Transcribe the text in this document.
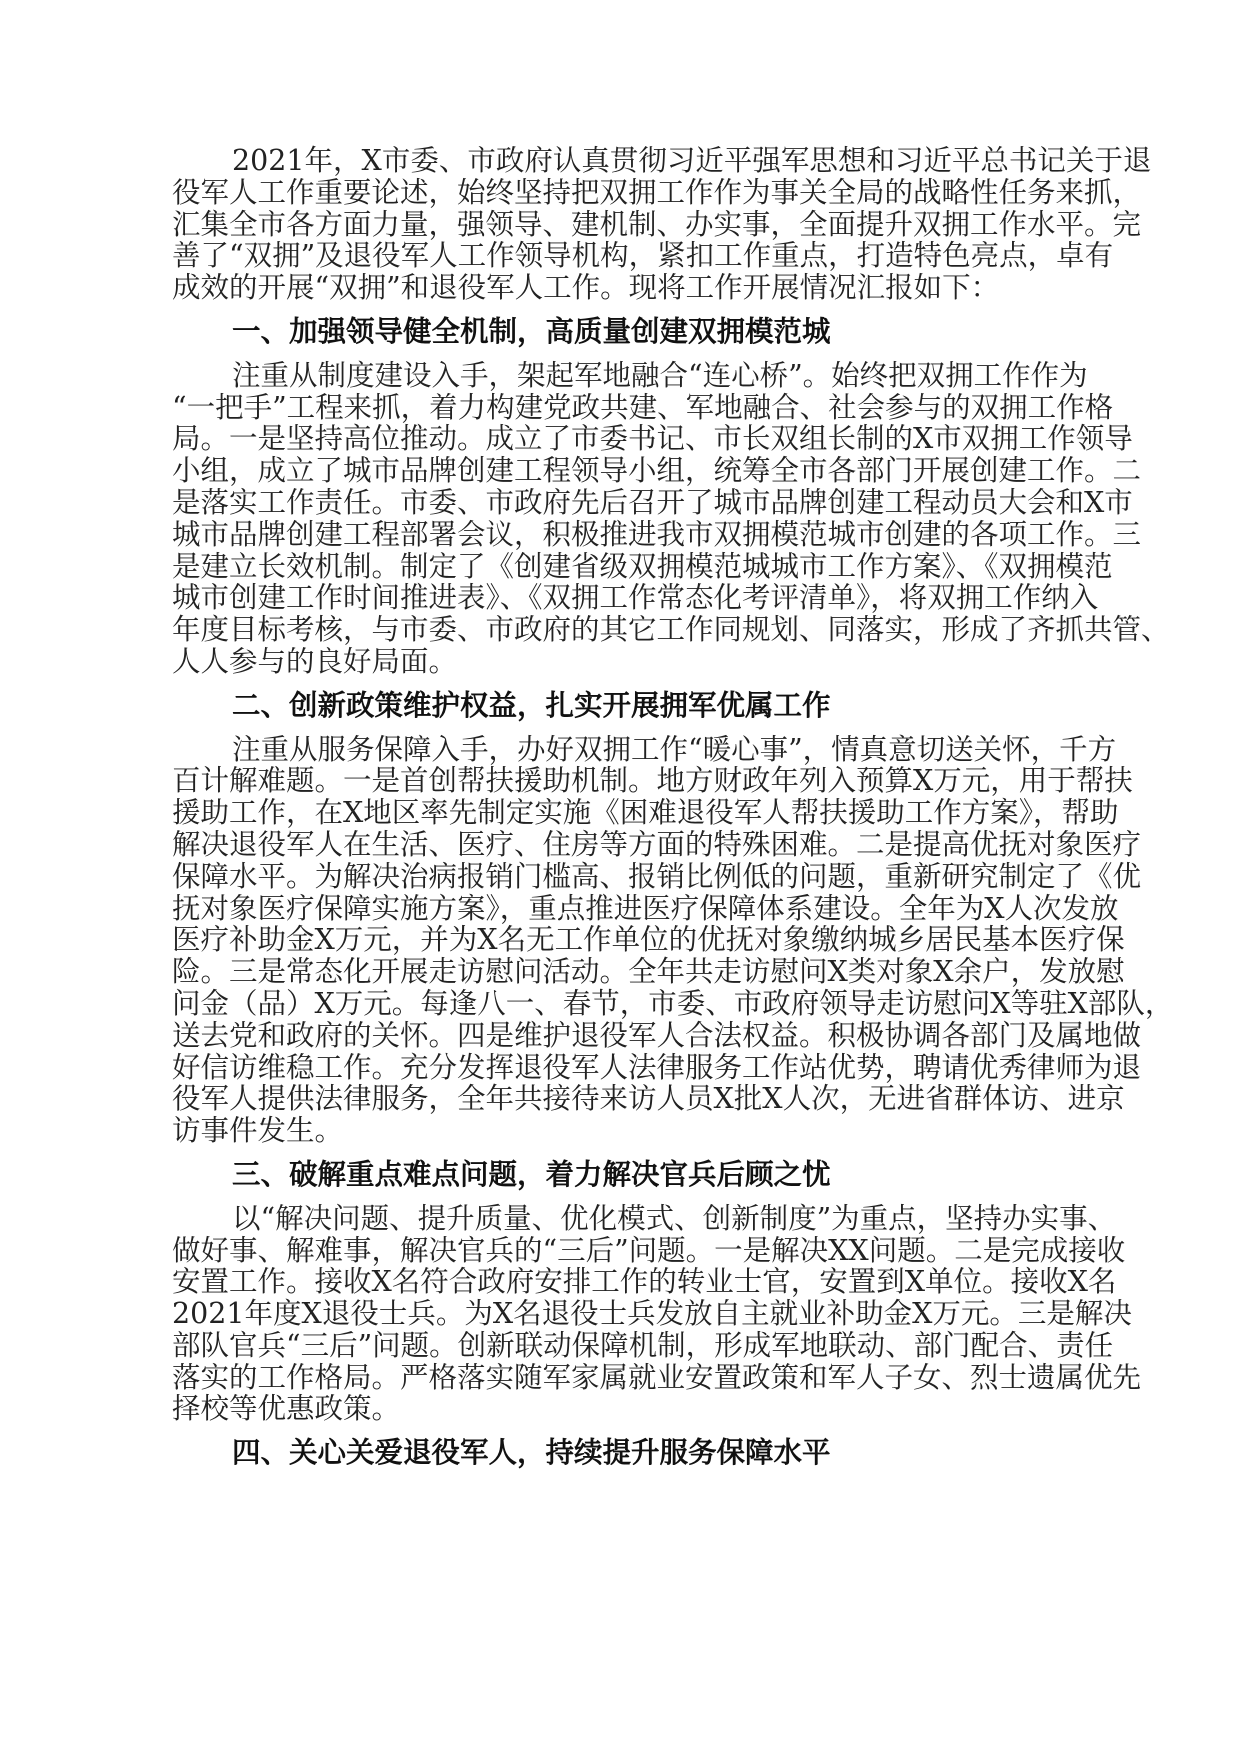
2021年，X市委、市政府认真贯彻习近平强军思想和习近平总书记关于退
役军人工作重要论述，始终坚持把双拥工作作为事关全局的战略性任务来抓，
汇集全市各方面力量，强领导、建机制、办实事，全面提升双拥工作水平。完
善了“双拥”及退役军人工作领导机构，紧扣工作重点，打造特色亮点，卓有
成效的开展“双拥”和退役军人工作。现将工作开展情况汇报如下：
一、加强领导健全机制，高质量创建双拥模范城
注重从制度建设入手，架起军地融合“连心桥”。始终把双拥工作作为
“一把手”工程来抓，着力构建党政共建、军地融合、社会参与的双拥工作格
局。一是坚持高位推动。成立了市委书记、市长双组长制的X市双拥工作领导
小组，成立了城市品牌创建工程领导小组，统筹全市各部门开展创建工作。二
是落实工作责任。市委、市政府先后召开了城市品牌创建工程动员大会和X市
城市品牌创建工程部署会议，积极推进我市双拥模范城市创建的各项工作。三
是建立长效机制。制定了《创建省级双拥模范城城市工作方案》、《双拥模范
城市创建工作时间推进表》、《双拥工作常态化考评清单》，将双拥工作纳入
年度目标考核，与市委、市政府的其它工作同规划、同落实，形成了齐抓共管、
人人参与的良好局面。
二、创新政策维护权益，扎实开展拥军优属工作
注重从服务保障入手，办好双拥工作“暖心事”，情真意切送关怀，千方
百计解难题。一是首创帮扶援助机制。地方财政年列入预算X万元，用于帮扶
援助工作，在X地区率先制定实施《困难退役军人帮扶援助工作方案》，帮助
解决退役军人在生活、医疗、住房等方面的特殊困难。二是提高优抚对象医疗
保障水平。为解决治病报销门槛高、报销比例低的问题，重新研究制定了《优
抚对象医疗保障实施方案》，重点推进医疗保障体系建设。全年为X人次发放
医疗补助金X万元，并为X名无工作单位的优抚对象缴纳城乡居民基本医疗保
险。三是常态化开展走访慰问活动。全年共走访慰问X类对象X余户，发放慰
问金（品）X万元。每逢八一、春节，市委、市政府领导走访慰问X等驻X部队，
送去党和政府的关怀。四是维护退役军人合法权益。积极协调各部门及属地做
好信访维稳工作。充分发挥退役军人法律服务工作站优势，聘请优秀律师为退
役军人提供法律服务，全年共接待来访人员X批X人次，无进省群体访、进京
访事件发生。
三、破解重点难点问题，着力解决官兵后顾之忧
以“解决问题、提升质量、优化模式、创新制度”为重点，坚持办实事、
做好事、解难事，解决官兵的“三后”问题。一是解决XX问题。二是完成接收
安置工作。接收X名符合政府安排工作的转业士官，安置到X单位。接收X名
2021年度X退役士兵。为X名退役士兵发放自主就业补助金X万元。三是解决
部队官兵“三后”问题。创新联动保障机制，形成军地联动、部门配合、责任
落实的工作格局。严格落实随军家属就业安置政策和军人子女、烈士遗属优先
择校等优惠政策。
四、关心关爱退役军人，持续提升服务保障水平
